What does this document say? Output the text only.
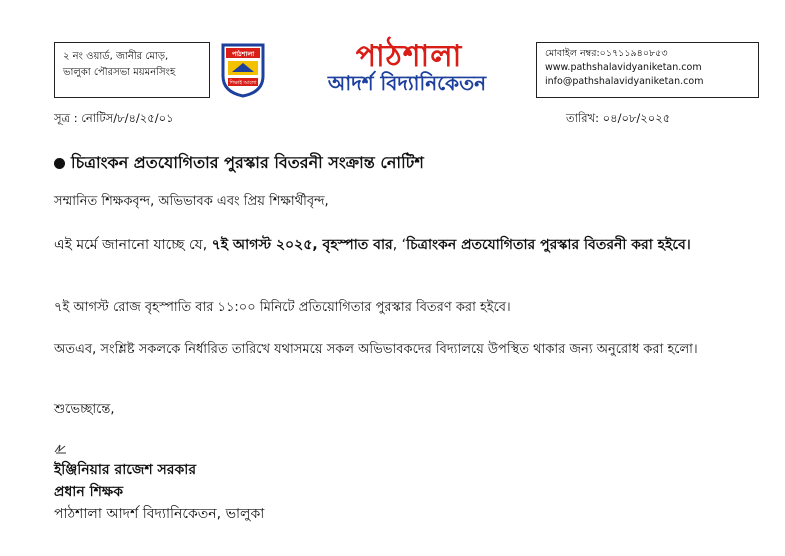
২ নং ওয়ার্ড, জানীর মোড়,
ভালুকা পৌরসভা ময়মনসিংহ
পাঠশালা
শিক্ষাই আলো
পাঠশালা
আদর্শ বিদ্যানিকেতন
মোবাইল নম্বর:০১৭১১৯৪০৮৫৩
www.pathshalavidyaniketan.com
info@pathshalavidyaniketan.com
সূত্র : নোটিস/৮/৪/২৫/০১	তারিখ: ০৪/০৮/২০২৫
চিত্রাংকন প্রতযোগিতার পুরস্কার বিতরনী সংক্রান্ত নোটিশ
সম্মানিত শিক্ষকবৃন্দ, অভিভাবক এবং প্রিয় শিক্ষার্থীবৃন্দ,
এই মর্মে জানানো যাচ্ছে যে, ৭ই আগস্ট ২০২৫, বৃহস্পাত বার, ‘চিত্রাংকন প্রতযোগিতার পুরস্কার বিতরনী করা হইবে।
৭ই আগস্ট রোজ বৃহস্পাতি বার ১১:০০ মিনিটে প্রতিয়োগিতার পুরস্কার বিতরণ করা হইবে।
অতএব, সংশ্লিষ্ট সকলকে নির্ধারিত তারিখে যথাসময়ে সকল অভিভাবকদের বিদ্যালয়ে উপস্থিত থাকার জন্য অনুরোধ করা হলো।
শুভেচ্ছান্তে,
ইঞ্জিনিয়ার রাজেশ সরকার
প্রধান শিক্ষক
পাঠশালা আদর্শ বিদ্যানিকেতন, ভালুকা
